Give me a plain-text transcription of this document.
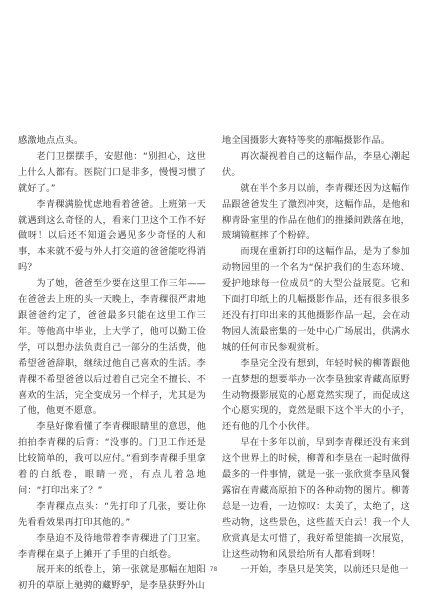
感激地点点头。

老门卫摆摆手，安慰他：“别担心，这世上什么人都有。医院门口是非多，慢慢习惯了就好了。”

李青稞满脸忧虑地看着爸爸。上班第一天就遇到这么奇怪的人，看来门卫这个工作不好做呀！以后还不知道会遇见多少奇怪的人和事，本来就不爱与外人打交道的爸爸能吃得消吗？

为了她，爸爸至少要在这里工作三年——在爸爸去上班的头一天晚上，李青稞很严肃地跟爸爸约定了，爸爸最多只能在这里工作三年。等他高中毕业，上大学了，他可以勤工俭学，可以想办法负责自己一部分的生活费，他希望爸爸辞职，继续过他自己喜欢的生活。李青稞不希望爸爸以后过着自己完全不擅长、不喜欢的生活，完全变成另一个样子，尤其是为了他，他更不愿意。

李垦好像看懂了李青稞眼睛里的意思，他拍拍李青稞的后背：“没事的。门卫工作还是比较简单的，我可以应付。”看到李青稞手里拿着的白纸卷，眼睛一亮，有点儿着急地问：“打印出来了？”

李青稞点点头：“先打印了几张，要让你先看看效果再打印其他的。”

李垦迫不及待地带着李青稞进了门卫室。李青稞在桌子上摊开了手里的白纸卷。

展开来的纸卷上，第一张就是那幅在旭阳初升的草原上驰骋的藏野驴，是李垦获野外山

地全国摄影大赛特等奖的那幅摄影作品。

再次凝视着自己的这幅作品，李垦心潮起伏。

就在半个多月以前，李青稞还因为这幅作品跟爸爸发生了激烈冲突，这幅作品，是他和柳青卧室里的作品在他们的推搡间跌落在地，玻璃镜框摔了个粉碎。

而现在重新打印的这幅作品，是为了参加动物园里的一个名为“保护我们的生态环境、爱护地球每一位成员”的大型公益展览。它和下面打印纸上的几幅摄影作品，还有很多很多还没有打印出来的其他摄影作品一起，会在动物园人流最密集的一处中心广场展出，供满水城的任何市民参观赏析。

李垦完全没有想到，年轻时候的柳菁跟他一直梦想的想要举办一次李垦独家青藏高原野生动物摄影展览的心愿竟然实现了，而促成这个心愿实现的，竟然是眼下这个半大的小子，还有他的几个小伙伴。

早在十多年以前，早到李青稞还没有来到这个世界上的时候，柳菁和李垦在一起时做得最多的一件事情，就是一张一张欣赏李垦风餐露宿在青藏高原拍下的各种动物的图片。柳菁总是一边看，一边惊叹：太美了，太绝了，这些动物，这些景色，这些蓝天白云！我一个人欣赏真是太可惜了，我好希望能搞一次展览，让这些动物和风景给所有人都看到呀！

一开始，李垦只是笑笑，以前还只是他一

78
